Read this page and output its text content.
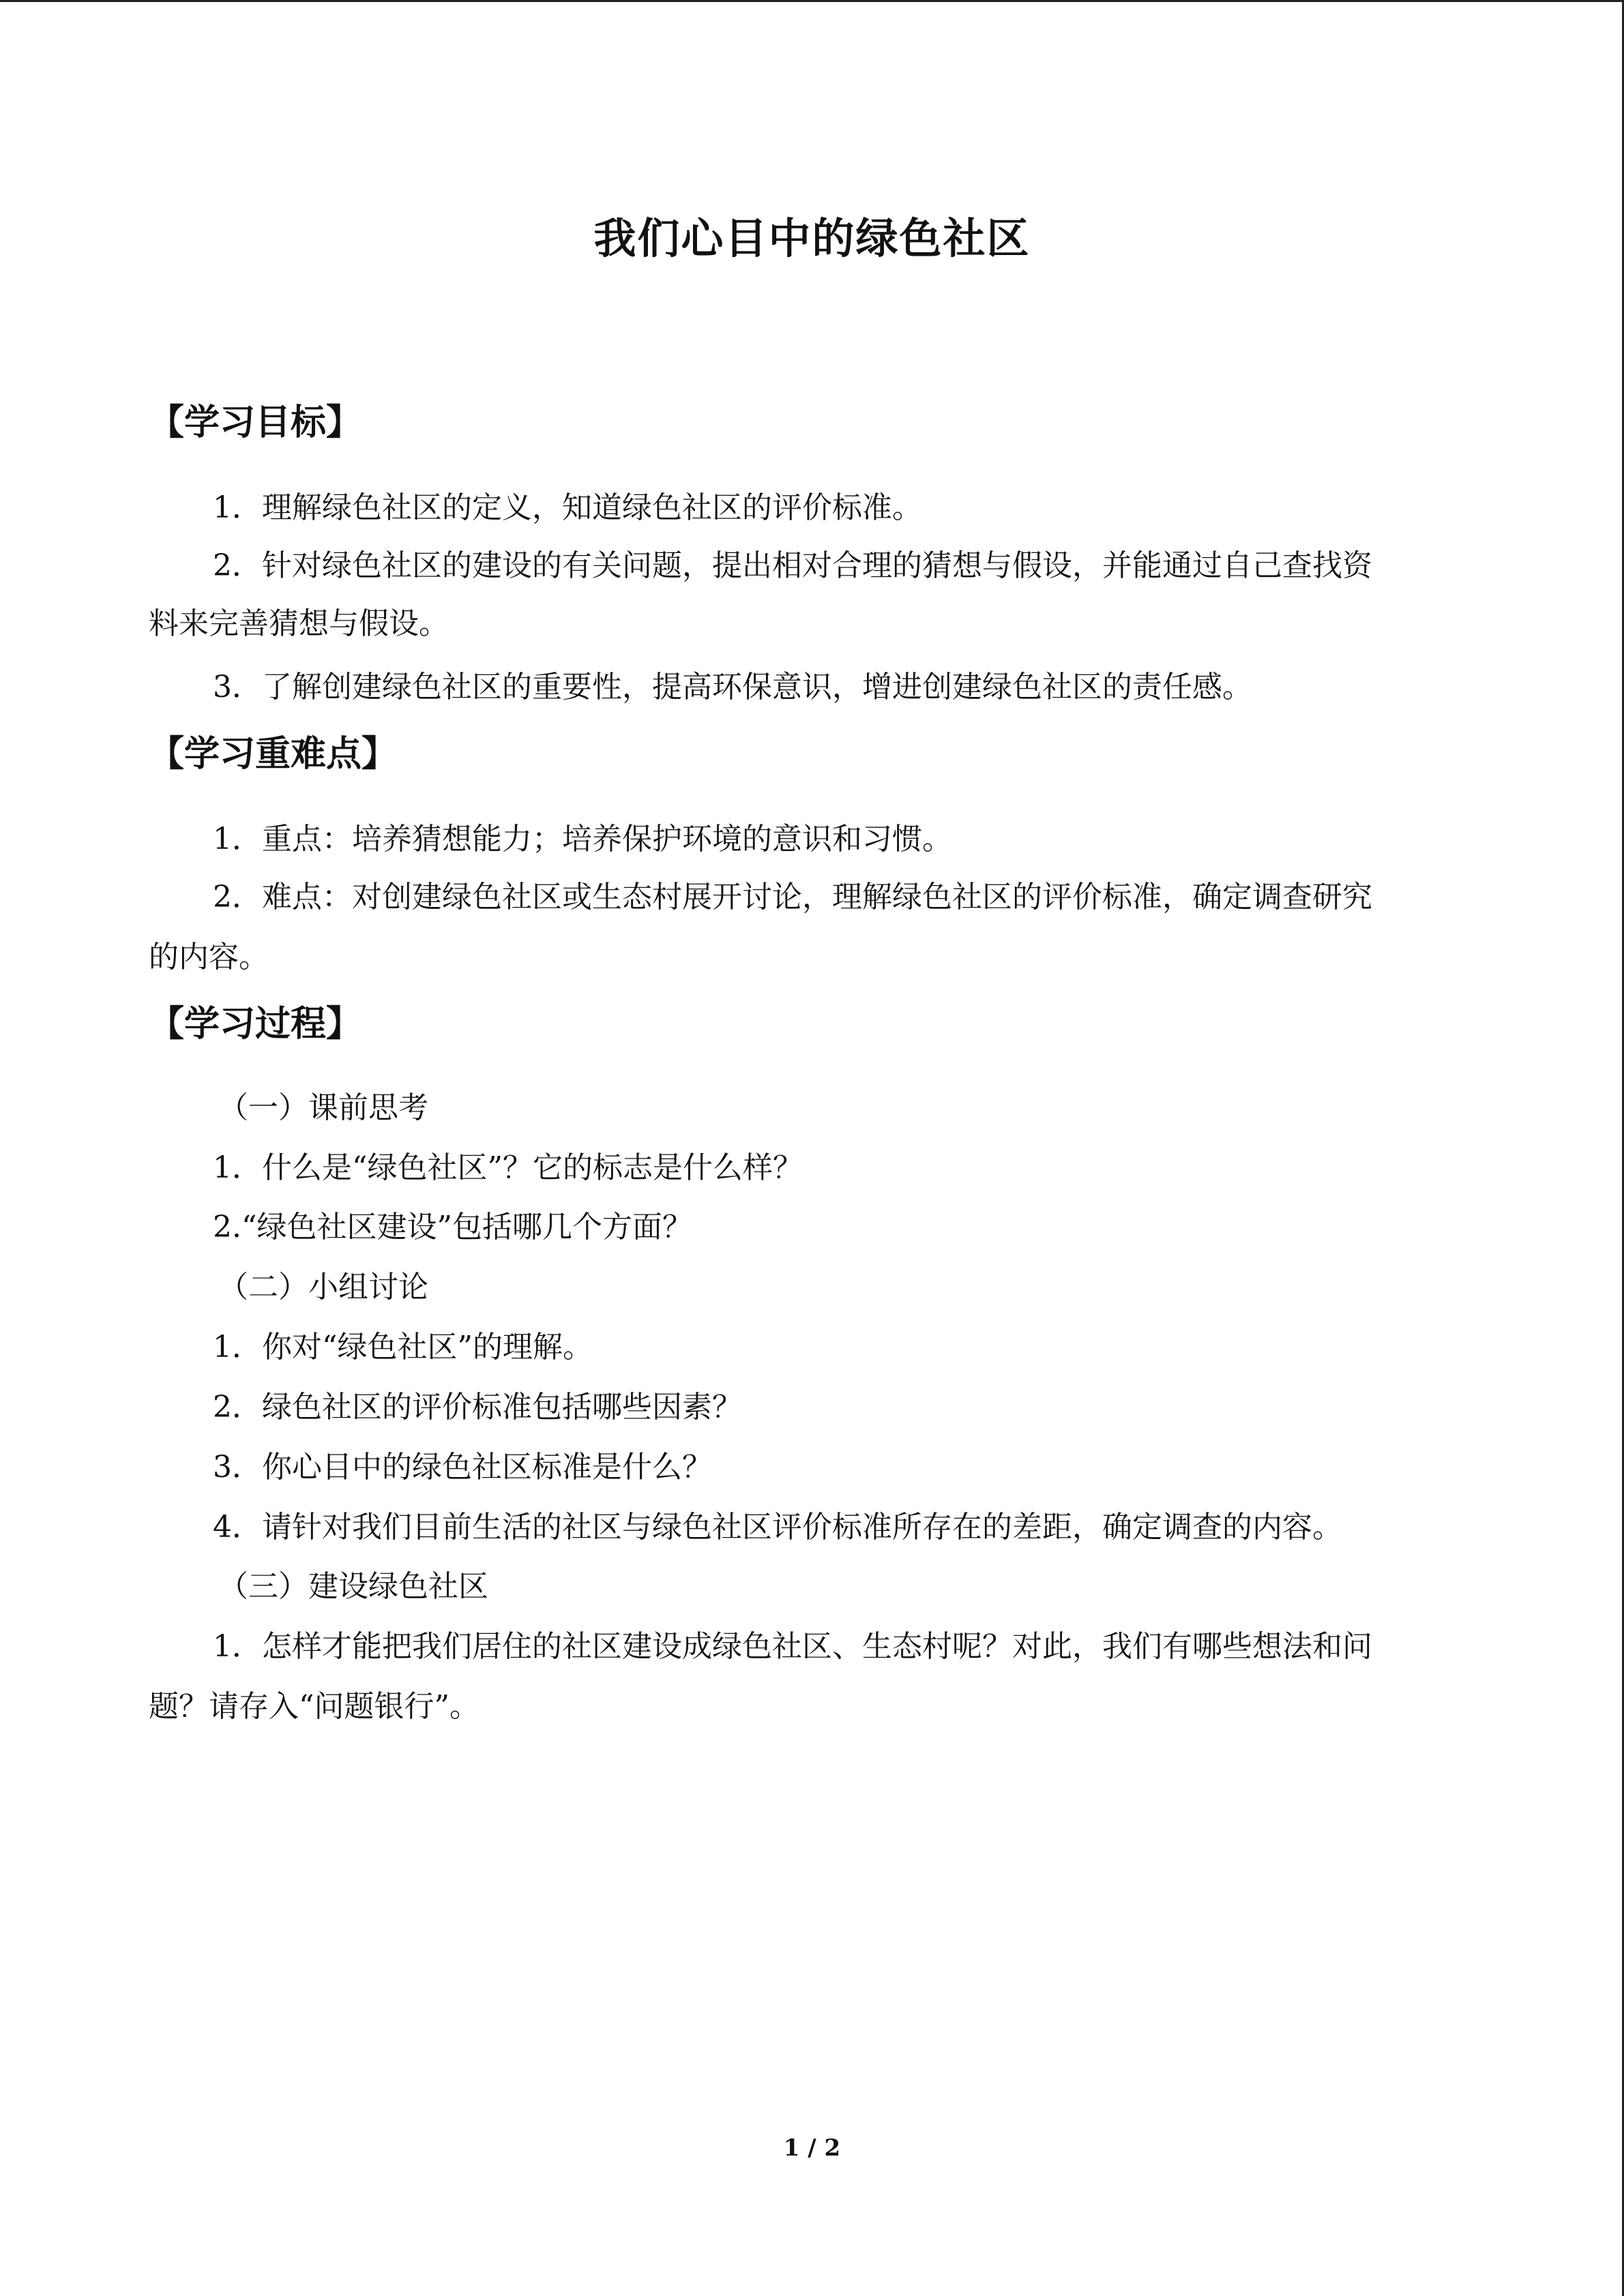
我们心目中的绿色社区
【学习目标】
1．理解绿色社区的定义，知道绿色社区的评价标准。
2．针对绿色社区的建设的有关问题，提出相对合理的猜想与假设，并能通过自己查找资
料来完善猜想与假设。
3．了解创建绿色社区的重要性，提高环保意识，增进创建绿色社区的责任感。
【学习重难点】
1．重点：培养猜想能力；培养保护环境的意识和习惯。
2．难点：对创建绿色社区或生态村展开讨论，理解绿色社区的评价标准，确定调查研究
的内容。
【学习过程】
（一）课前思考
1．什么是“绿色社区”？它的标志是什么样？
2.“绿色社区建设”包括哪几个方面？
（二）小组讨论
1．你对“绿色社区”的理解。
2．绿色社区的评价标准包括哪些因素？
3．你心目中的绿色社区标准是什么？
4．请针对我们目前生活的社区与绿色社区评价标准所存在的差距，确定调查的内容。
（三）建设绿色社区
1．怎样才能把我们居住的社区建设成绿色社区、生态村呢？对此，我们有哪些想法和问
题？请存入“问题银行”。
1 / 2
